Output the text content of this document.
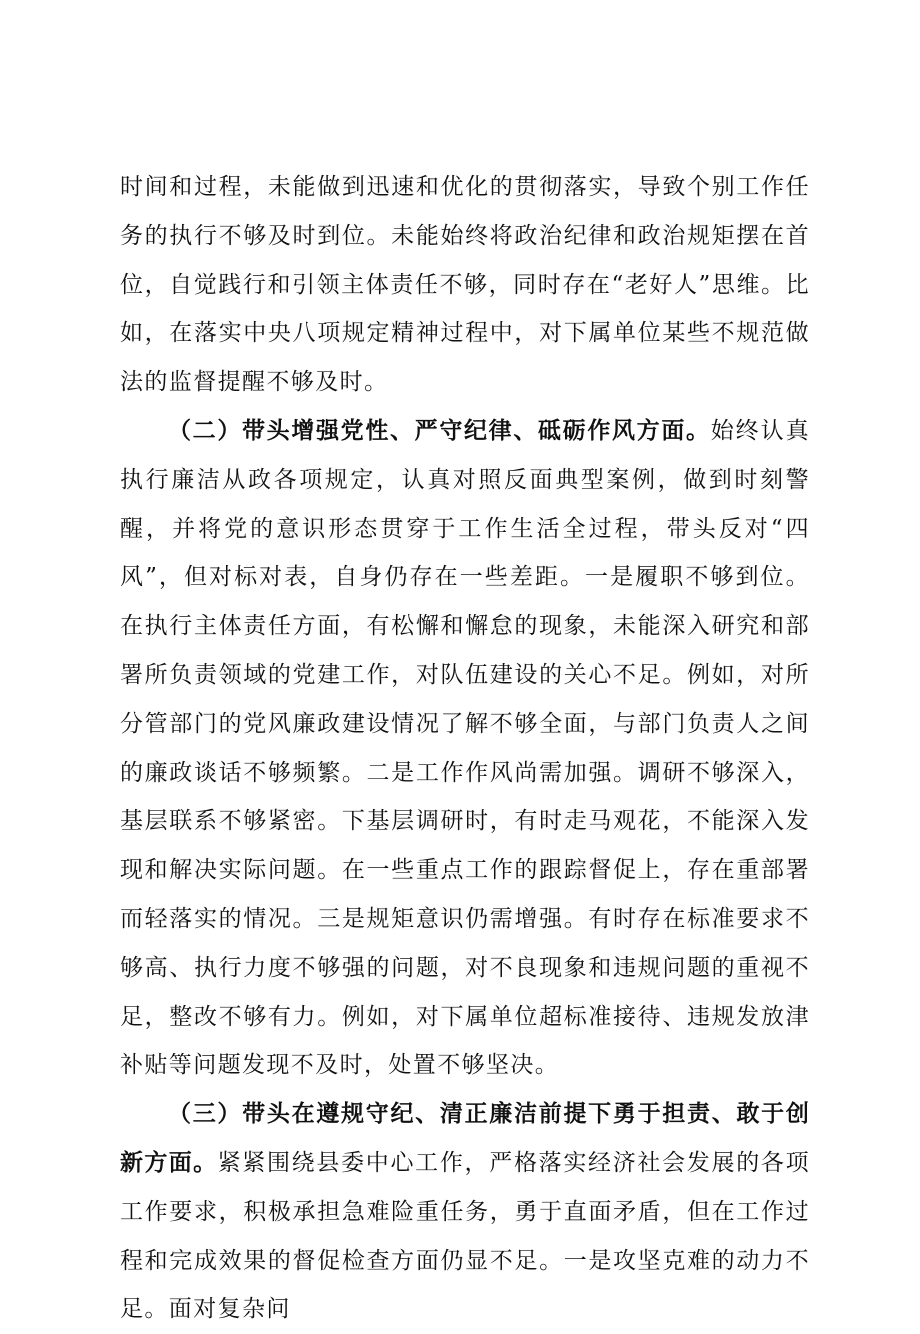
时间和过程，未能做到迅速和优化的贯彻落实，导致个别工作任务的执行不够及时到位。未能始终将政治纪律和政治规矩摆在首位，自觉践行和引领主体责任不够，同时存在“老好人”思维。比如，在落实中央八项规定精神过程中，对下属单位某些不规范做法的监督提醒不够及时。

（二）带头增强党性、严守纪律、砥砺作风方面。始终认真执行廉洁从政各项规定，认真对照反面典型案例，做到时刻警醒，并将党的意识形态贯穿于工作生活全过程，带头反对“四风”，但对标对表，自身仍存在一些差距。一是履职不够到位。在执行主体责任方面，有松懈和懈怠的现象，未能深入研究和部署所负责领域的党建工作，对队伍建设的关心不足。例如，对所分管部门的党风廉政建设情况了解不够全面，与部门负责人之间的廉政谈话不够频繁。二是工作作风尚需加强。调研不够深入，基层联系不够紧密。下基层调研时，有时走马观花，不能深入发现和解决实际问题。在一些重点工作的跟踪督促上，存在重部署而轻落实的情况。三是规矩意识仍需增强。有时存在标准要求不够高、执行力度不够强的问题，对不良现象和违规问题的重视不足，整改不够有力。例如，对下属单位超标准接待、违规发放津补贴等问题发现不及时，处置不够坚决。

（三）带头在遵规守纪、清正廉洁前提下勇于担责、敢于创新方面。紧紧围绕县委中心工作，严格落实经济社会发展的各项工作要求，积极承担急难险重任务，勇于直面矛盾，但在工作过程和完成效果的督促检查方面仍显不足。一是攻坚克难的动力不足。面对复杂问
